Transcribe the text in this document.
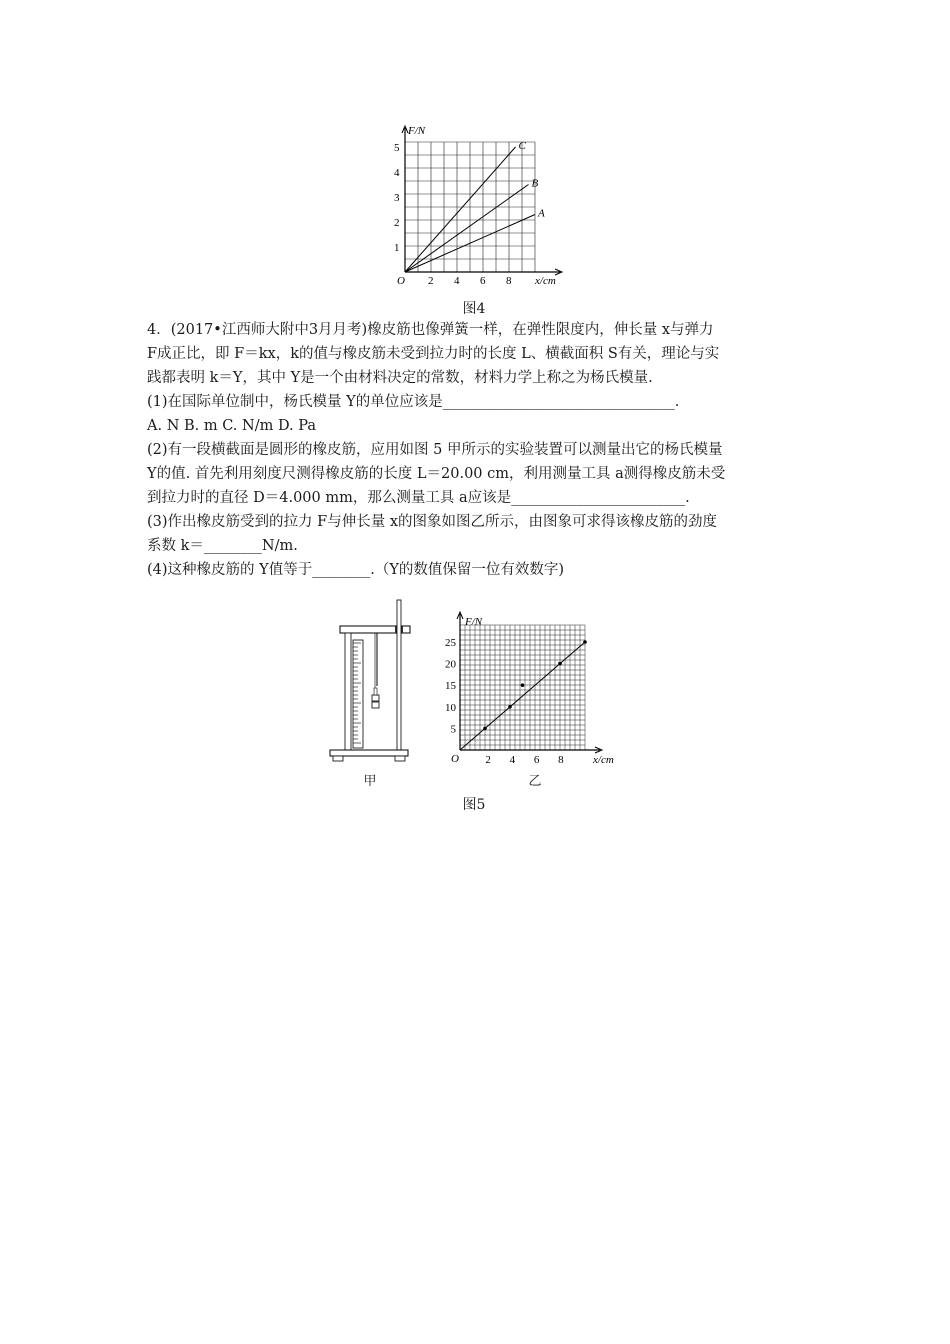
F/N
x/cm
O
1
2
3
4
5
2 4 6 8
C
B
A
图4

4．(2017•江西师大附中3月月考)橡皮筋也像弹簧一样，在弹性限度内，伸长量 x与弹力

F成正比，即 F＝kx，k的值与橡皮筋未受到拉力时的长度 L、横截面积 S有关，理论与实

践都表明 k＝Y，其中 Y是一个由材料决定的常数，材料力学上称之为杨氏模量.

(1)在国际单位制中，杨氏模量 Y的单位应该是________________________________.

A. N B. m C. N/m D. Pa

(2)有一段横截面是圆形的橡皮筋，应用如图 5 甲所示的实验装置可以测量出它的杨氏模量

Y的值. 首先利用刻度尺测得橡皮筋的长度 L＝20.00 cm，利用测量工具 a测得橡皮筋未受

到拉力时的直径 D＝4.000 mm，那么测量工具 a应该是________________________.

(3)作出橡皮筋受到的拉力 F与伸长量 x的图象如图乙所示，由图象可求得该橡皮筋的劲度

系数 k＝________N/m.

(4)这种橡皮筋的 Y值等于________.（Y的数值保留一位有效数字)

甲
F/N
x/cm
O
5
10
15
20
25
2 4 6 8
乙
图5
